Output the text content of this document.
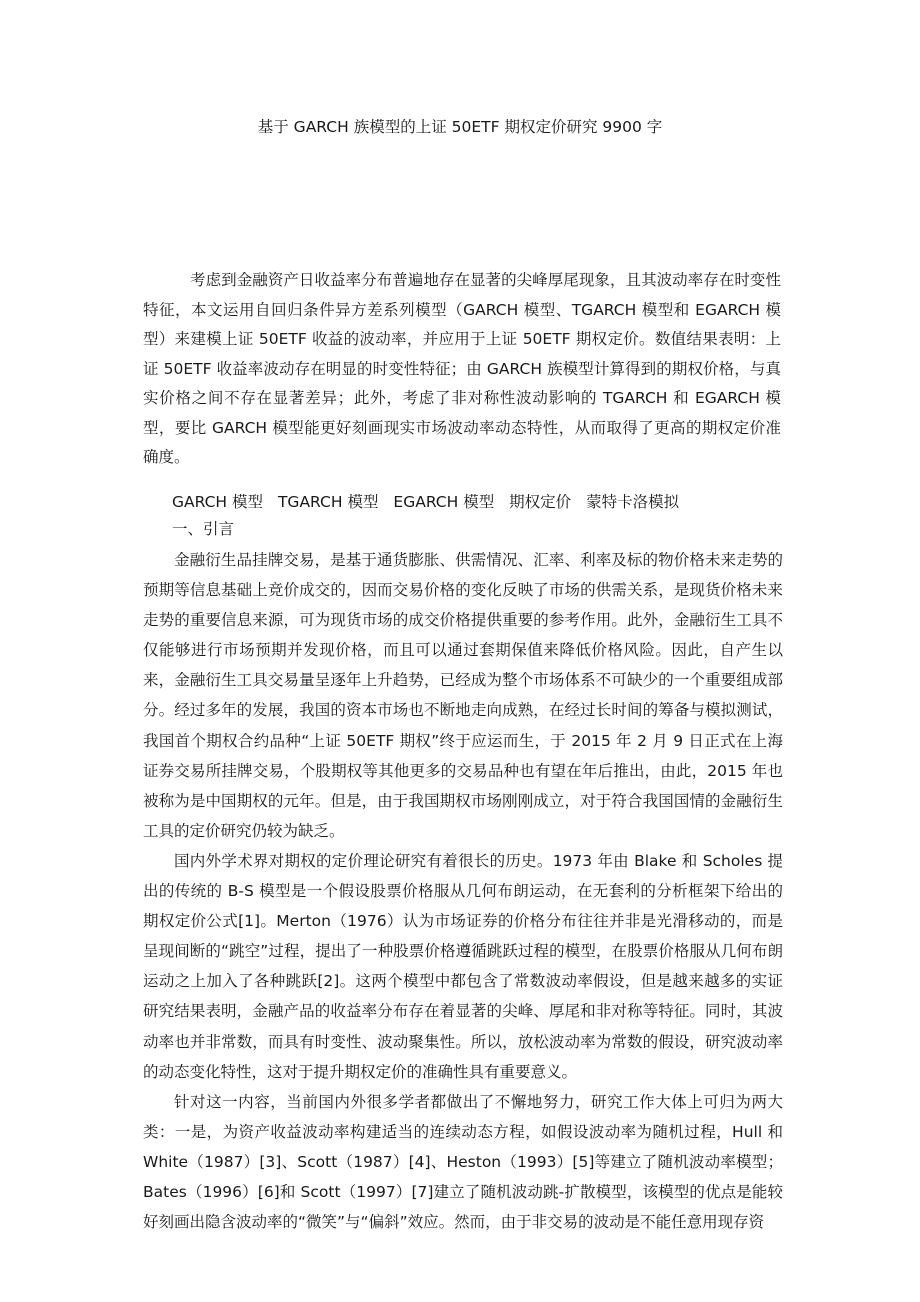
基于 GARCH 族模型的上证 50ETF 期权定价研究 9900 字

考虑到金融资产日收益率分布普遍地存在显著的尖峰厚尾现象，且其波动率存在时变性特征，本文运用自回归条件异方差系列模型（GARCH 模型、TGARCH 模型和 EGARCH 模型）来建模上证 50ETF 收益的波动率，并应用于上证 50ETF 期权定价。数值结果表明：上证 50ETF 收益率波动存在明显的时变性特征；由 GARCH 族模型计算得到的期权价格，与真实价格之间不存在显著差异；此外，考虑了非对称性波动影响的 TGARCH 和 EGARCH 模型，要比 GARCH 模型能更好刻画现实市场波动率动态特性，从而取得了更高的期权定价准确度。

GARCH 模型 TGARCH 模型 EGARCH 模型 期权定价 蒙特卡洛模拟
一、引言

金融衍生品挂牌交易，是基于通货膨胀、供需情况、汇率、利率及标的物价格未来走势的预期等信息基础上竞价成交的，因而交易价格的变化反映了市场的供需关系，是现货价格未来走势的重要信息来源，可为现货市场的成交价格提供重要的参考作用。此外，金融衍生工具不仅能够进行市场预期并发现价格，而且可以通过套期保值来降低价格风险。因此，自产生以来，金融衍生工具交易量呈逐年上升趋势，已经成为整个市场体系不可缺少的一个重要组成部分。经过多年的发展，我国的资本市场也不断地走向成熟，在经过长时间的筹备与模拟测试，我国首个期权合约品种“上证 50ETF 期权”终于应运而生，于 2015 年 2 月 9 日正式在上海证券交易所挂牌交易，个股期权等其他更多的交易品种也有望在年后推出，由此，2015 年也被称为是中国期权的元年。但是，由于我国期权市场刚刚成立，对于符合我国国情的金融衍生工具的定价研究仍较为缺乏。

国内外学术界对期权的定价理论研究有着很长的历史。1973 年由 Blake 和 Scholes 提出的传统的 B-S 模型是一个假设股票价格服从几何布朗运动，在无套利的分析框架下给出的期权定价公式[1]。Merton（1976）认为市场证券的价格分布往往并非是光滑移动的，而是呈现间断的“跳空”过程，提出了一种股票价格遵循跳跃过程的模型，在股票价格服从几何布朗运动之上加入了各种跳跃[2]。这两个模型中都包含了常数波动率假设，但是越来越多的实证研究结果表明，金融产品的收益率分布存在着显著的尖峰、厚尾和非对称等特征。同时，其波动率也并非常数，而具有时变性、波动聚集性。所以，放松波动率为常数的假设，研究波动率的动态变化特性，这对于提升期权定价的准确性具有重要意义。

针对这一内容，当前国内外很多学者都做出了不懈地努力，研究工作大体上可归为两大类：一是，为资产收益波动率构建适当的连续动态方程，如假设波动率为随机过程，Hull 和 White（1987）[3]、Scott（1987）[4]、Heston（1993）[5]等建立了随机波动率模型；Bates（1996）[6]和 Scott（1997）[7]建立了随机波动跳-扩散模型，该模型的优点是能较好刻画出隐含波动率的“微笑”与“偏斜”效应。然而，由于非交易的波动是不能任意用现存资
